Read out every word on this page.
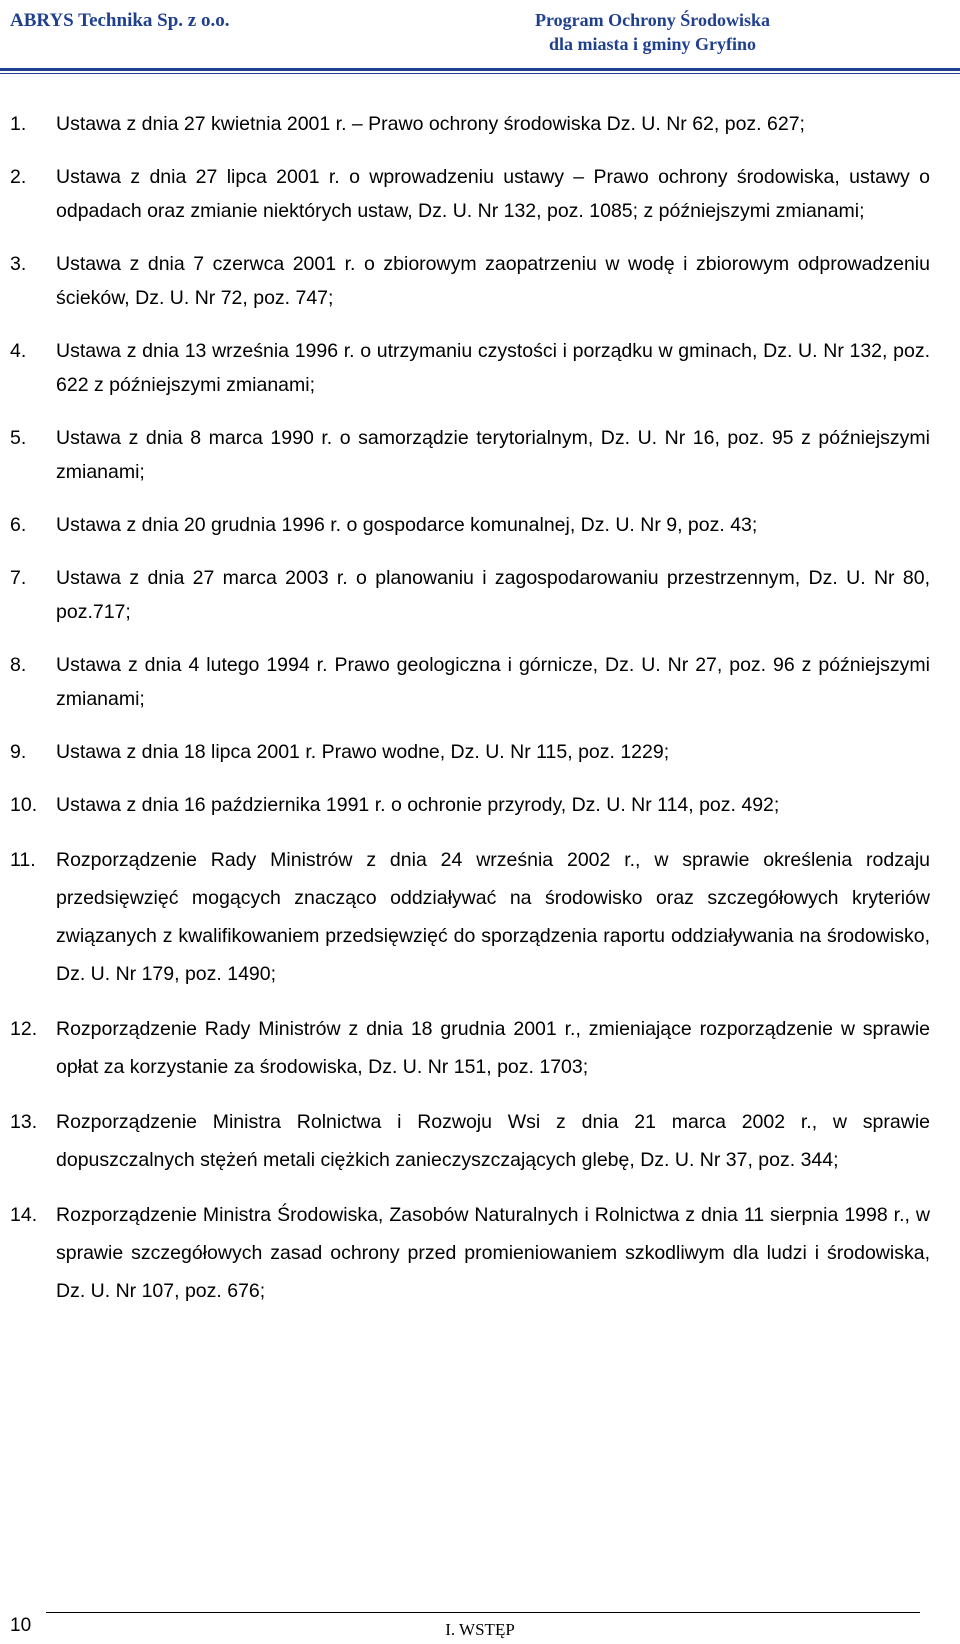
ABRYS Technika Sp. z o.o.	Program Ochrony Środowiska
dla miasta i gminy Gryfino
1.	Ustawa z dnia 27 kwietnia 2001 r. – Prawo ochrony środowiska Dz. U. Nr 62, poz. 627;
2.	Ustawa z dnia 27 lipca 2001 r. o wprowadzeniu ustawy – Prawo ochrony środowiska, ustawy o odpadach oraz zmianie niektórych ustaw, Dz. U. Nr 132, poz. 1085; z późniejszymi zmianami;
3.	Ustawa z dnia 7 czerwca 2001 r. o zbiorowym zaopatrzeniu w wodę i zbiorowym odprowadzeniu ścieków, Dz. U. Nr 72, poz. 747;
4.	Ustawa z dnia 13 września 1996 r. o utrzymaniu czystości i porządku w gminach, Dz. U. Nr 132, poz. 622 z późniejszymi zmianami;
5.	Ustawa z dnia 8 marca 1990 r. o samorządzie terytorialnym, Dz. U. Nr 16, poz. 95 z późniejszymi zmianami;
6.	Ustawa z dnia 20 grudnia 1996 r. o gospodarce komunalnej, Dz. U. Nr 9, poz. 43;
7.	Ustawa z dnia 27 marca 2003 r. o planowaniu i zagospodarowaniu przestrzennym, Dz. U. Nr 80, poz.717;
8.	Ustawa z dnia 4 lutego 1994 r. Prawo geologiczna i górnicze, Dz. U. Nr 27, poz. 96 z późniejszymi zmianami;
9.	Ustawa z dnia 18 lipca 2001 r. Prawo wodne, Dz. U. Nr 115, poz. 1229;
10. Ustawa z dnia 16 października 1991 r. o ochronie przyrody, Dz. U. Nr 114, poz. 492;
11.	Rozporządzenie Rady Ministrów z dnia 24 września 2002 r., w sprawie określenia rodzaju przedsięwzięć mogących znacząco oddziaływać na środowisko oraz szczegółowych kryteriów związanych z kwalifikowaniem przedsięwzięć do sporządzenia raportu oddziaływania na środowisko, Dz. U. Nr 179, poz. 1490;
12. Rozporządzenie Rady Ministrów z dnia 18 grudnia 2001 r., zmieniające rozporządzenie w sprawie opłat za korzystanie za środowiska, Dz. U. Nr 151, poz. 1703;
13. Rozporządzenie Ministra Rolnictwa i Rozwoju Wsi z dnia 21 marca 2002 r., w sprawie dopuszczalnych stężeń metali ciężkich zanieczyszczających glebę, Dz. U. Nr 37, poz. 344;
14. Rozporządzenie Ministra Środowiska, Zasobów Naturalnych i Rolnictwa z dnia 11 sierpnia 1998 r., w sprawie szczegółowych zasad ochrony przed promieniowaniem szkodliwym dla ludzi i środowiska, Dz. U. Nr 107, poz. 676;
10	I. WSTĘP
